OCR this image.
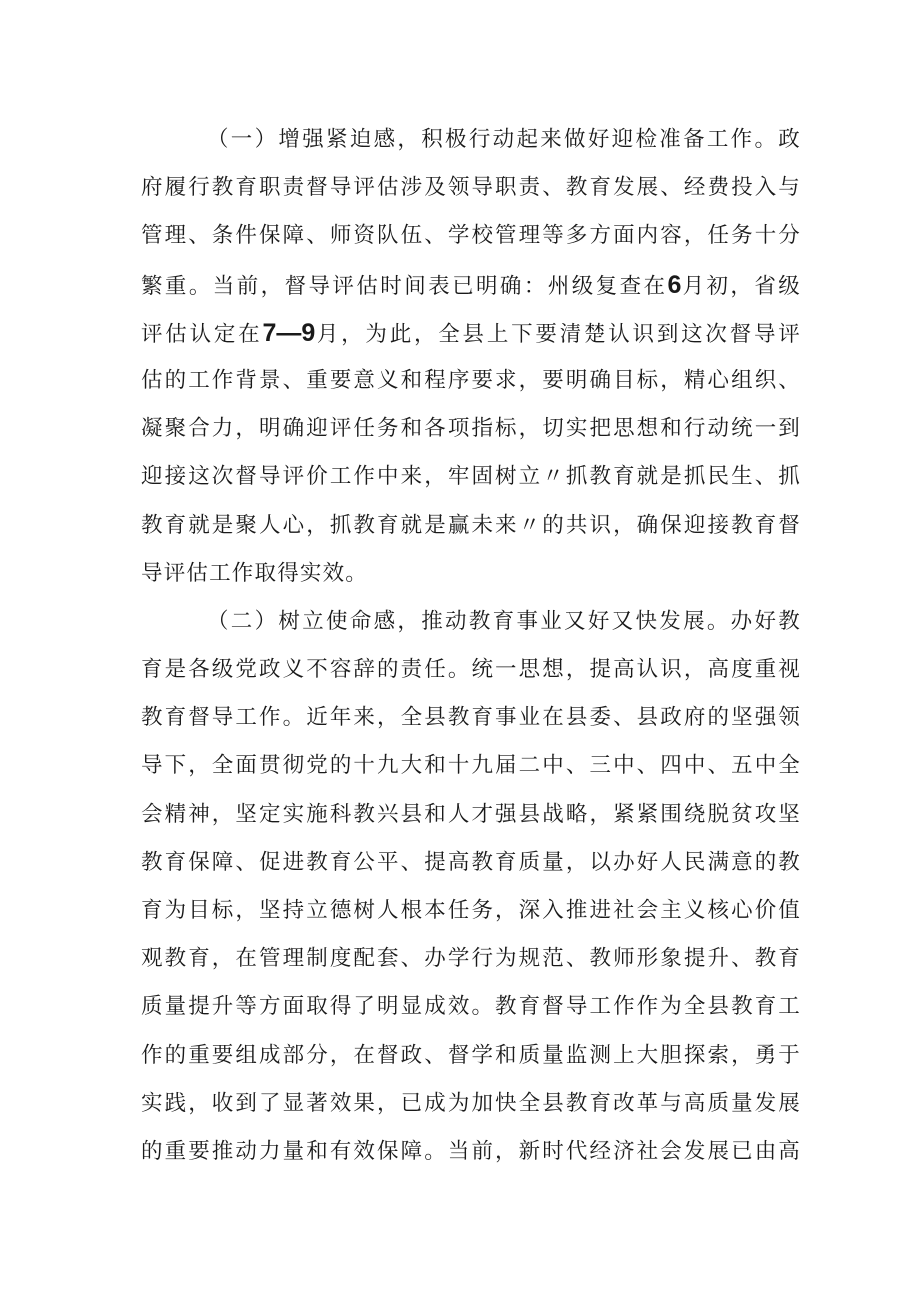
（一）增强紧迫感，积极行动起来做好迎检准备工作。政
府履行教育职责督导评估涉及领导职责、教育发展、经费投入与
管理、条件保障、师资队伍、学校管理等多方面内容，任务十分
繁重。当前，督导评估时间表已明确：州级复查在6月初，省级
评估认定在7—9月，为此，全县上下要清楚认识到这次督导评
估的工作背景、重要意义和程序要求，要明确目标，精心组织、
凝聚合力，明确迎评任务和各项指标，切实把思想和行动统一到
迎接这次督导评价工作中来，牢固树立〃抓教育就是抓民生、抓
教育就是聚人心，抓教育就是赢未来〃的共识，确保迎接教育督
导评估工作取得实效。
（二）树立使命感，推动教育事业又好又快发展。办好教
育是各级党政义不容辞的责任。统一思想，提高认识，高度重视
教育督导工作。近年来，全县教育事业在县委、县政府的坚强领
导下，全面贯彻党的十九大和十九届二中、三中、四中、五中全
会精神，坚定实施科教兴县和人才强县战略，紧紧围绕脱贫攻坚
教育保障、促进教育公平、提高教育质量，以办好人民满意的教
育为目标，坚持立德树人根本任务，深入推进社会主义核心价值
观教育，在管理制度配套、办学行为规范、教师形象提升、教育
质量提升等方面取得了明显成效。教育督导工作作为全县教育工
作的重要组成部分，在督政、督学和质量监测上大胆探索，勇于
实践，收到了显著效果，已成为加快全县教育改革与高质量发展
的重要推动力量和有效保障。当前，新时代经济社会发展已由高
